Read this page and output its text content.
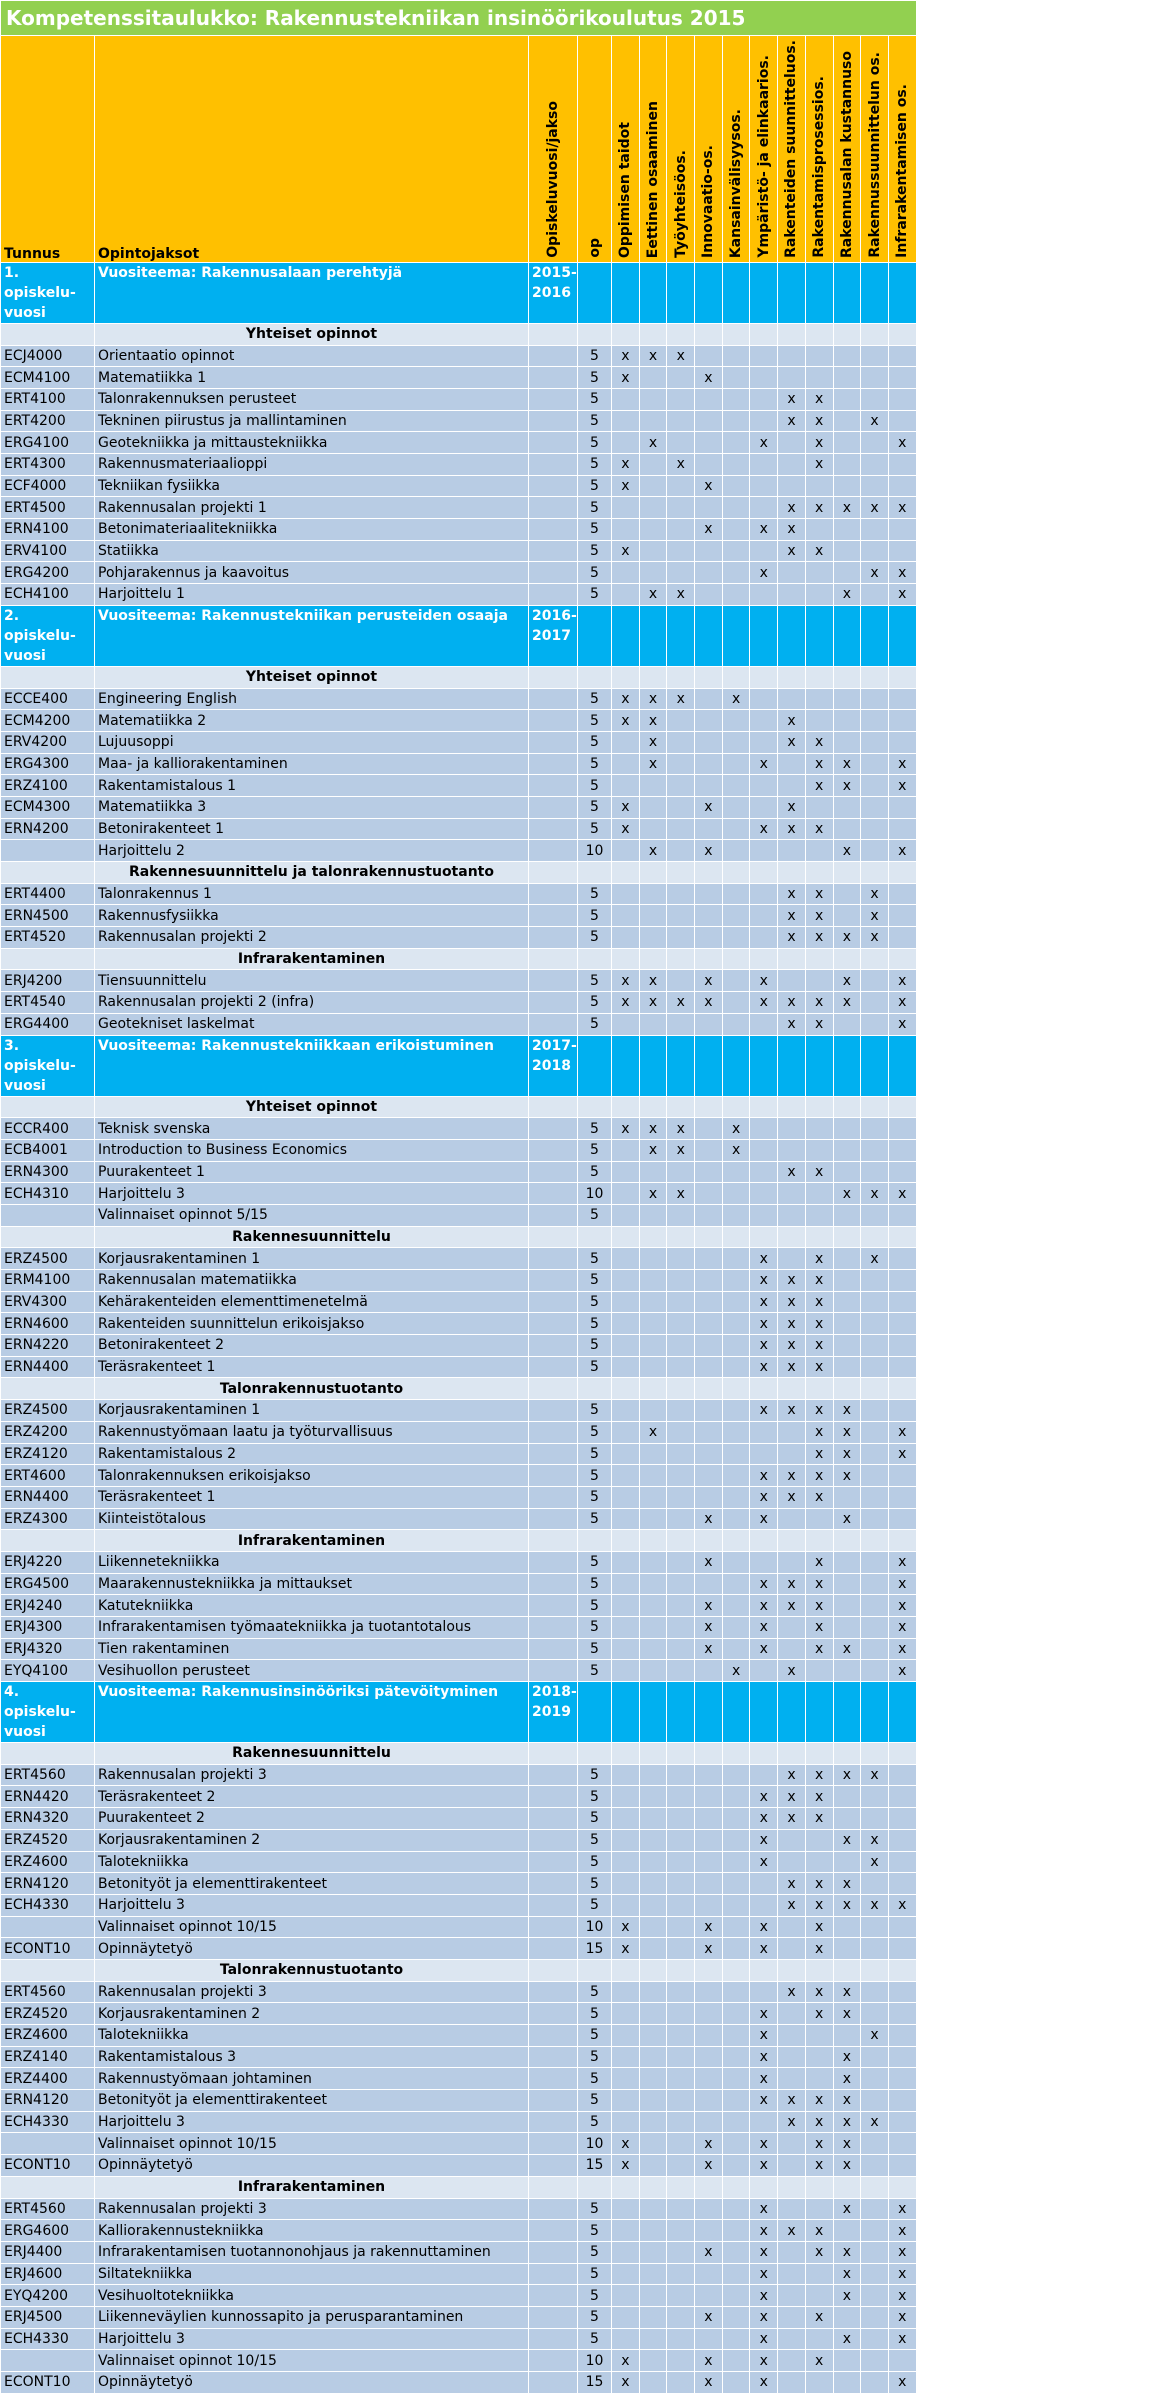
Kompetenssitaulukko: Rakennustekniikan insinöörikoulutus 2015														
Tunnus	Opintojaksot	Opiskeluvuosi/jakso	op	Oppimisen taidot	Eettinen osaaminen	Työyhteisöos.	Innovaatio-os.	Kansainvälisyysos.	Ympäristö- ja elinkaarios.	Rakenteiden suunnitteluos.	Rakentamisprosessios.	Rakennusalan kustannuso	Rakennussuunnittelun os.	Infrarakentamisen os.

1. opiskelu-vuosi	Vuositeema: Rakennusalaan perehtyjä	2015-2016												
	Yhteiset opinnot													
ECJ4000	Orientaatio opinnot		5	x	x	x								
ECM4100	Matematiikka 1		5	x			x							
ERT4100	Talonrakennuksen perusteet		5							x	x			
ERT4200	Tekninen piirustus ja mallintaminen		5							x	x		x	
ERG4100	Geotekniikka ja mittaustekniikka		5		x				x		x			x
ERT4300	Rakennusmateriaalioppi		5	x		x					x			
ECF4000	Tekniikan fysiikka		5	x			x							
ERT4500	Rakennusalan projekti 1		5							x	x	x	x	x
ERN4100	Betonimateriaalitekniikka		5				x		x	x				
ERV4100	Statiikka		5	x						x	x			
ERG4200	Pohjarakennus ja kaavoitus		5						x				x	x
ECH4100	Harjoittelu 1		5		x	x						x		x
2. opiskelu-vuosi	Vuositeema: Rakennustekniikan perusteiden osaaja	2016-2017												
	Yhteiset opinnot													
ECCE400	Engineering English		5	x	x	x		x						
ECM4200	Matematiikka 2		5	x	x					x				
ERV4200	Lujuusoppi		5		x					x	x			
ERG4300	Maa- ja kalliorakentaminen		5		x				x		x	x		x
ERZ4100	Rakentamistalous 1		5								x	x		x
ECM4300	Matematiikka 3		5	x			x			x				
ERN4200	Betonirakenteet 1		5	x					x	x	x			
	Harjoittelu 2		10		x		x					x		x
	Rakennesuunnittelu ja talonrakennustuotanto													
ERT4400	Talonrakennus 1		5							x	x		x	
ERN4500	Rakennusfysiikka		5							x	x		x	
ERT4520	Rakennusalan projekti 2		5							x	x	x	x	
	Infrarakentaminen													
ERJ4200	Tiensuunnittelu		5	x	x		x		x			x		x
ERT4540	Rakennusalan projekti 2 (infra)		5	x	x	x	x		x	x	x	x		x
ERG4400	Geotekniset laskelmat		5							x	x			x
3. opiskelu-vuosi	Vuositeema: Rakennustekniikkaan erikoistuminen	2017-2018												
	Yhteiset opinnot													
ECCR400	Teknisk svenska		5	x	x	x		x						
ECB4001	Introduction to Business Economics		5		x	x		x						
ERN4300	Puurakenteet 1		5							x	x			
ECH4310	Harjoittelu 3		10		x	x						x	x	x
	Valinnaiset opinnot 5/15		5											
	Rakennesuunnittelu													
ERZ4500	Korjausrakentaminen 1		5						x		x		x	
ERM4100	Rakennusalan matematiikka		5						x	x	x			
ERV4300	Kehärakenteiden elementtimenetelmä		5						x	x	x			
ERN4600	Rakenteiden suunnittelun erikoisjakso		5						x	x	x			
ERN4220	Betonirakenteet 2		5						x	x	x			
ERN4400	Teräsrakenteet 1		5						x	x	x			
	Talonrakennustuotanto													
ERZ4500	Korjausrakentaminen 1		5						x	x	x	x		
ERZ4200	Rakennustyömaan laatu ja työturvallisuus		5		x						x	x		x
ERZ4120	Rakentamistalous 2		5								x	x		x
ERT4600	Talonrakennuksen erikoisjakso		5						x	x	x	x		
ERN4400	Teräsrakenteet 1		5						x	x	x			
ERZ4300	Kiinteistötalous		5				x		x			x		
	Infrarakentaminen													
ERJ4220	Liikennetekniikka		5				x				x			x
ERG4500	Maarakennustekniikka ja mittaukset		5						x	x	x			x
ERJ4240	Katutekniikka		5				x		x	x	x			x
ERJ4300	Infrarakentamisen työmaatekniikka ja tuotantotalous		5				x		x		x			x
ERJ4320	Tien rakentaminen		5				x		x		x	x		x
EYQ4100	Vesihuollon perusteet		5					x		x				x
4. opiskelu-vuosi	Vuositeema: Rakennusinsinööriksi pätevöityminen	2018-2019												
	Rakennesuunnittelu													
ERT4560	Rakennusalan projekti 3		5							x	x	x	x	
ERN4420	Teräsrakenteet 2		5						x	x	x			
ERN4320	Puurakenteet 2		5						x	x	x			
ERZ4520	Korjausrakentaminen 2		5						x			x	x	
ERZ4600	Talotekniikka		5						x				x	
ERN4120	Betonityöt ja elementtirakenteet		5							x	x	x		
ECH4330	Harjoittelu 3		5							x	x	x	x	x
	Valinnaiset opinnot 10/15		10	x			x		x		x			
ECONT10	Opinnäytetyö		15	x			x		x		x			
	Talonrakennustuotanto													
ERT4560	Rakennusalan projekti 3		5							x	x	x		
ERZ4520	Korjausrakentaminen 2		5						x		x	x		
ERZ4600	Talotekniikka		5						x				x	
ERZ4140	Rakentamistalous 3		5						x			x		
ERZ4400	Rakennustyömaan johtaminen		5						x			x		
ERN4120	Betonityöt ja elementtirakenteet		5						x	x	x	x		
ECH4330	Harjoittelu 3		5							x	x	x	x	
	Valinnaiset opinnot 10/15		10	x			x		x		x	x		
ECONT10	Opinnäytetyö		15	x			x		x		x	x		
	Infrarakentaminen													
ERT4560	Rakennusalan projekti 3		5						x			x		x
ERG4600	Kalliorakennustekniikka		5						x	x	x			x
ERJ4400	Infrarakentamisen tuotannonohjaus ja rakennuttaminen		5				x		x		x	x		x
ERJ4600	Siltatekniikka		5						x			x		x
EYQ4200	Vesihuoltotekniikka		5						x			x		x
ERJ4500	Liikenneväylien kunnossapito ja perusparantaminen		5				x		x		x			x
ECH4330	Harjoittelu 3		5						x			x		x
	Valinnaiset opinnot 10/15		10	x			x		x		x			
ECONT10	Opinnäytetyö		15	x			x		x					x
